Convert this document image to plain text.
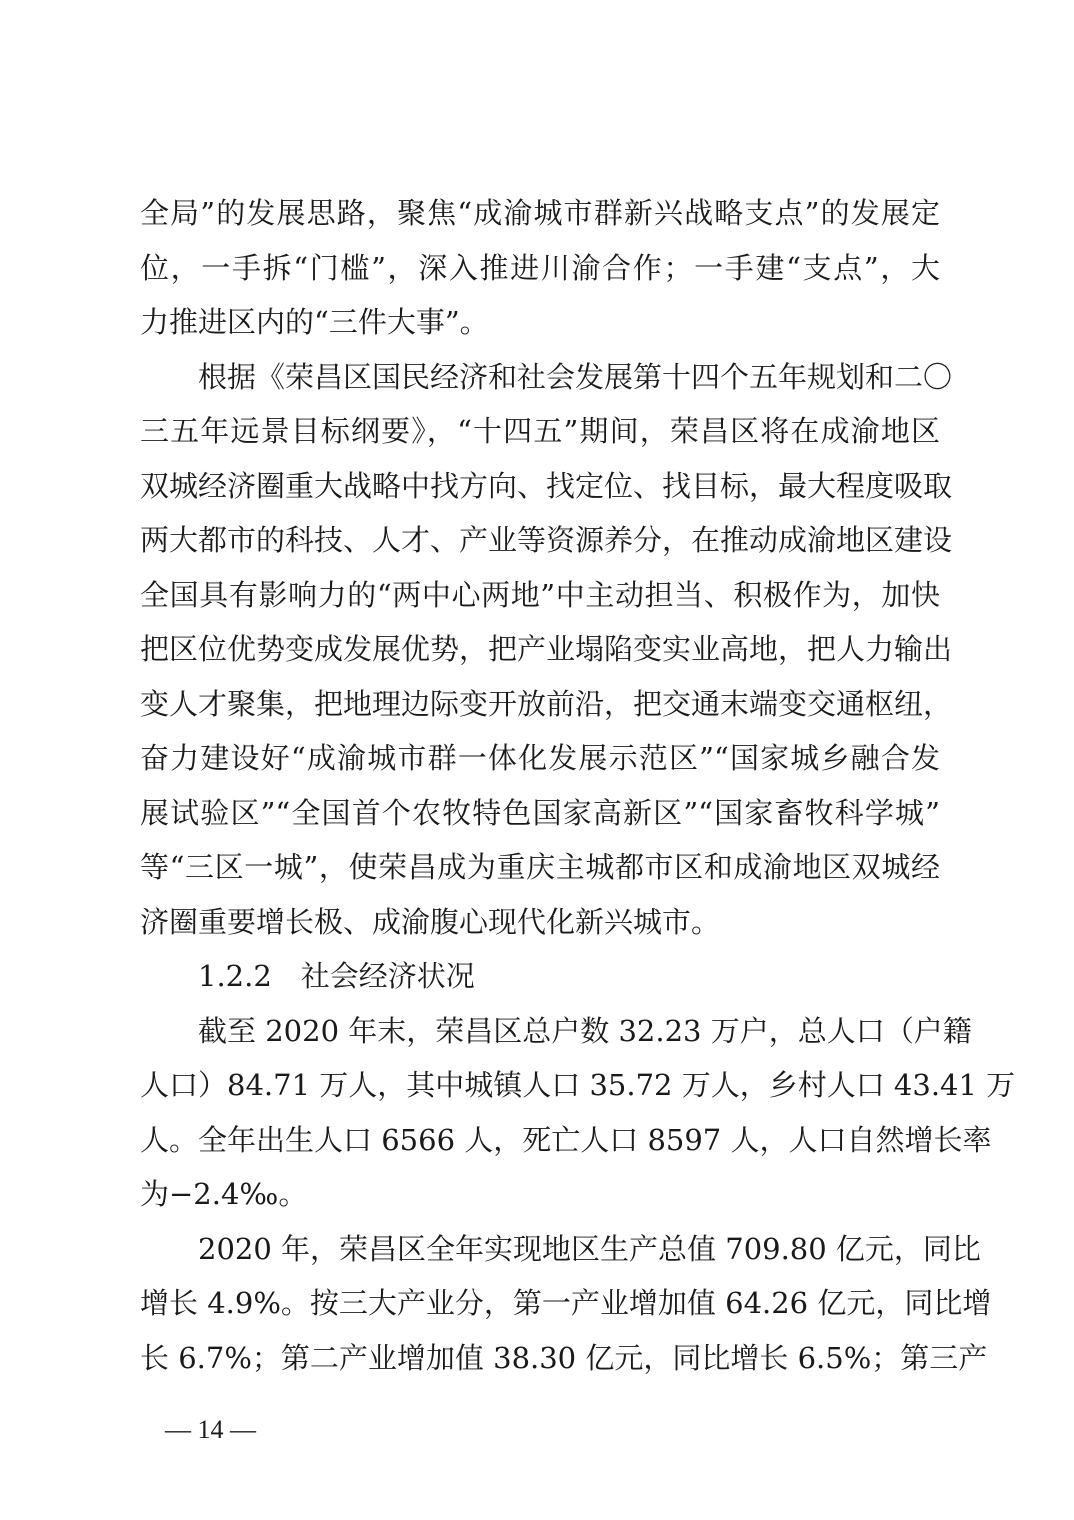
全局”的发展思路，聚焦“成渝城市群新兴战略支点”的发展定
位，一手拆“门槛”，深入推进川渝合作；一手建“支点”，大
力推进区内的“三件大事”。
根据《荣昌区国民经济和社会发展第十四个五年规划和二〇
三五年远景目标纲要》，“十四五”期间，荣昌区将在成渝地区
双城经济圈重大战略中找方向、找定位、找目标，最大程度吸取
两大都市的科技、人才、产业等资源养分，在推动成渝地区建设
全国具有影响力的“两中心两地”中主动担当、积极作为，加快
把区位优势变成发展优势，把产业塌陷变实业高地，把人力输出
变人才聚集，把地理边际变开放前沿，把交通末端变交通枢纽，
奋力建设好“成渝城市群一体化发展示范区”“国家城乡融合发
展试验区”“全国首个农牧特色国家高新区”“国家畜牧科学城”
等“三区一城”，使荣昌成为重庆主城都市区和成渝地区双城经
济圈重要增长极、成渝腹心现代化新兴城市。
1.2.2　社会经济状况
截至 2020 年末，荣昌区总户数 32.23 万户，总人口（户籍
人口）84.71 万人，其中城镇人口 35.72 万人，乡村人口 43.41 万
人。全年出生人口 6566 人，死亡人口 8597 人，人口自然增长率
为−2.4‰。
2020 年，荣昌区全年实现地区生产总值 709.80 亿元，同比
增长 4.9%。按三大产业分，第一产业增加值 64.26 亿元，同比增
长 6.7%；第二产业增加值 38.30 亿元，同比增长 6.5%；第三产
— 14 —
